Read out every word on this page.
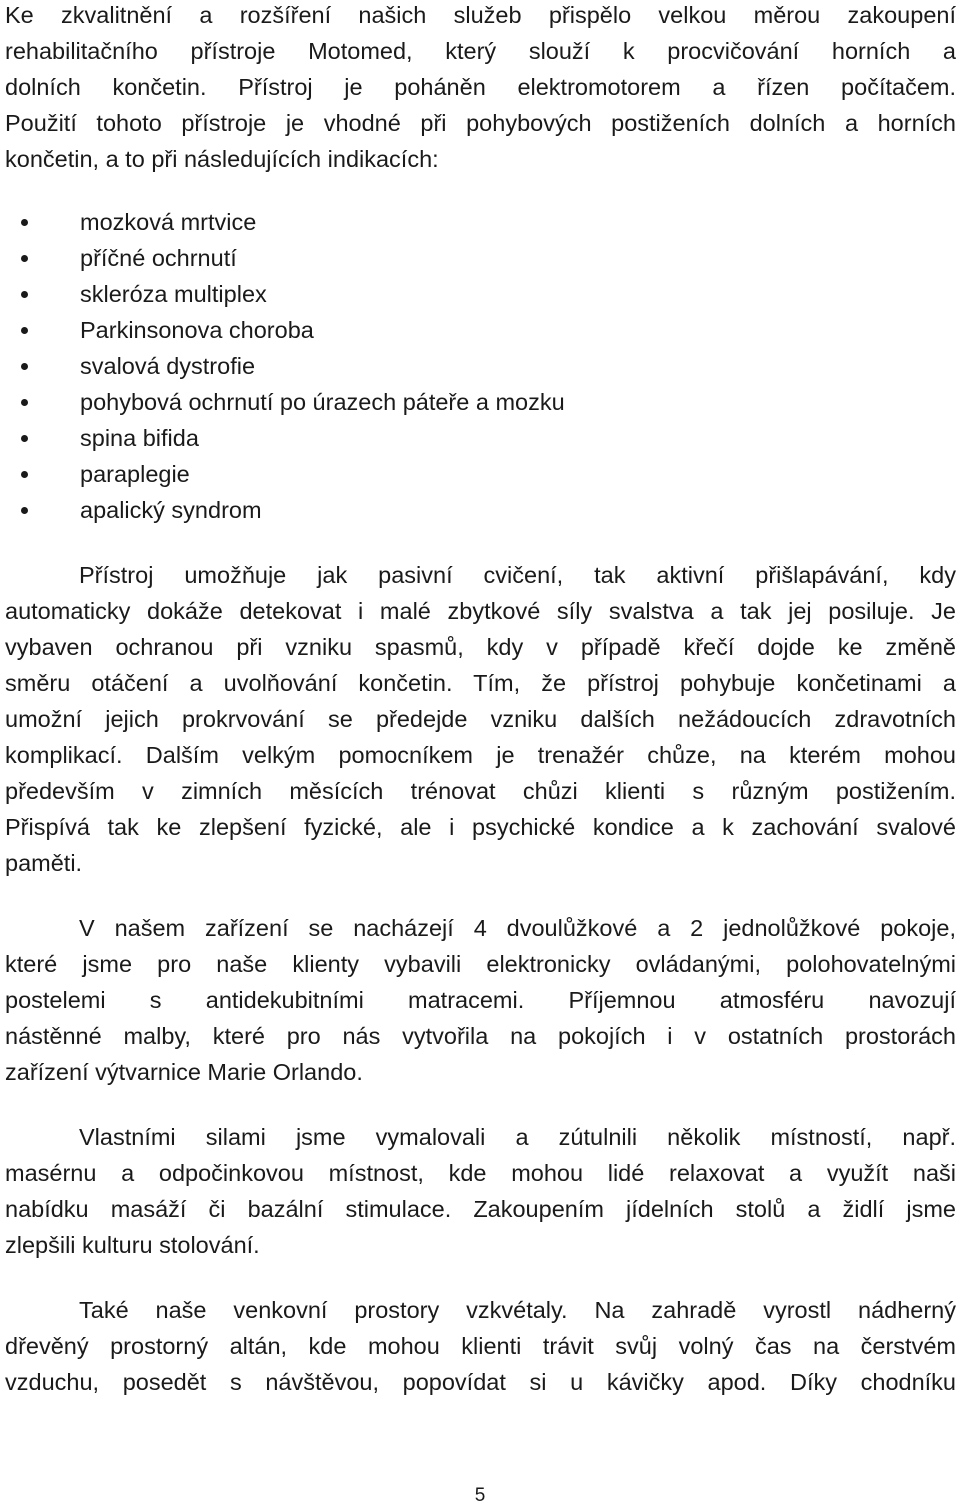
Ke zkvalitnění a rozšíření našich služeb přispělo velkou měrou zakoupení
rehabilitačního přístroje Motomed, který slouží k procvičování horních a
dolních končetin. Přístroj je poháněn elektromotorem a řízen počítačem.
Použití tohoto přístroje je vhodné při pohybových postiženích dolních a horních
končetin, a to při následujících indikacích:
mozková mrtvice
příčné ochrnutí
skleróza multiplex
Parkinsonova choroba
svalová dystrofie
pohybová ochrnutí po úrazech páteře a mozku
spina bifida
paraplegie
apalický syndrom
Přístroj umožňuje jak pasivní cvičení, tak aktivní přišlapávání, kdy
automaticky dokáže detekovat i malé zbytkové síly svalstva a tak jej posiluje. Je
vybaven ochranou při vzniku spasmů, kdy v případě křečí dojde ke změně
směru otáčení a uvolňování končetin. Tím, že přístroj pohybuje končetinami a
umožní jejich prokrvování se předejde vzniku dalších nežádoucích zdravotních
komplikací. Dalším velkým pomocníkem je trenažér chůze, na kterém mohou
především v zimních měsících trénovat chůzi klienti s různým postižením.
Přispívá tak ke zlepšení fyzické, ale i psychické kondice a k zachování svalové
paměti.
V našem zařízení se nacházejí 4 dvoulůžkové a 2 jednolůžkové pokoje,
které jsme pro naše klienty vybavili elektronicky ovládanými, polohovatelnými
postelemi s antidekubitními matracemi. Příjemnou atmosféru navozují
nástěnné malby, které pro nás vytvořila na pokojích i v ostatních prostorách
zařízení výtvarnice Marie Orlando.
Vlastními silami jsme vymalovali a zútulnili několik místností, např.
masérnu a odpočinkovou místnost, kde mohou lidé relaxovat a využít naši
nabídku masáží či bazální stimulace. Zakoupením jídelních stolů a židlí jsme
zlepšili kulturu stolování.
Také naše venkovní prostory vzkvétaly. Na zahradě vyrostl nádherný
dřevěný prostorný altán, kde mohou klienti trávit svůj volný čas na čerstvém
vzduchu, posedět s návštěvou, popovídat si u kávičky apod. Díky chodníku
5
